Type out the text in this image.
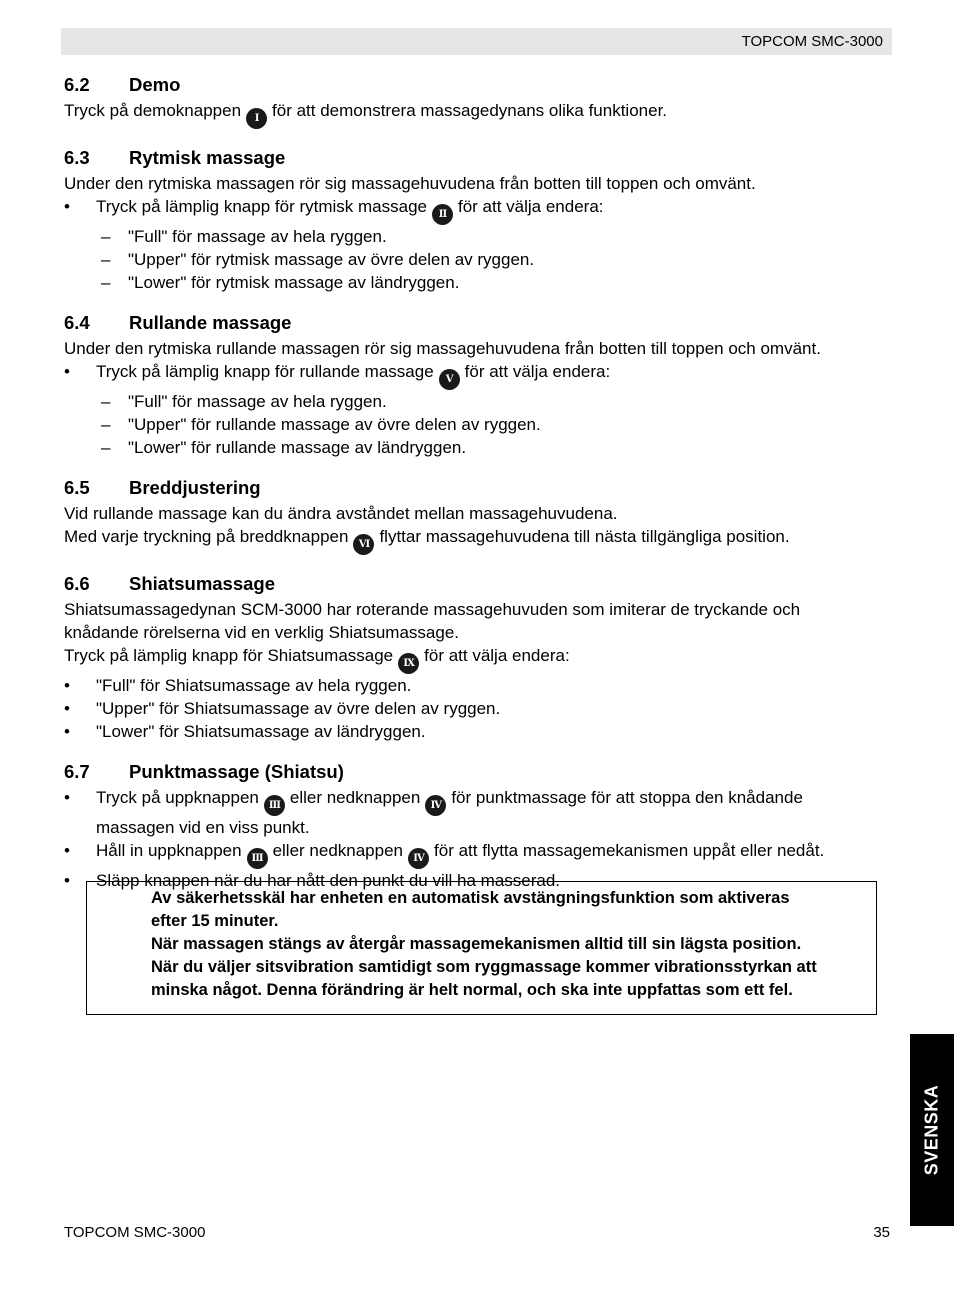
TOPCOM SMC-3000
6.2	Demo
Tryck på demoknappen I för att demonstrera massagedynans olika funktioner.
6.3	Rytmisk massage
Under den rytmiska massagen rör sig massagehuvudena från botten till toppen och omvänt.
• Tryck på lämplig knapp för rytmisk massage II för att välja endera:
– "Full" för massage av hela ryggen.
– "Upper" för rytmisk massage av övre delen av ryggen.
– "Lower" för rytmisk massage av ländryggen.
6.4	Rullande massage
Under den rytmiska rullande massagen rör sig massagehuvudena från botten till toppen och omvänt.
• Tryck på lämplig knapp för rullande massage V för att välja endera:
– "Full" för massage av hela ryggen.
– "Upper" för rullande massage av övre delen av ryggen.
– "Lower" för rullande massage av ländryggen.
6.5	Breddjustering
Vid rullande massage kan du ändra avståndet mellan massagehuvudena.
Med varje tryckning på breddknappen VI flyttar massagehuvudena till nästa tillgängliga position.
6.6	Shiatsumassage
Shiatsumassagedynan SCM-3000 har roterande massagehuvuden som imiterar de tryckande och
knådande rörelserna vid en verklig Shiatsumassage.
Tryck på lämplig knapp för Shiatsumassage IX för att välja endera:
• "Full" för Shiatsumassage av hela ryggen.
• "Upper" för Shiatsumassage av övre delen av ryggen.
• "Lower" för Shiatsumassage av ländryggen.
6.7	Punktmassage (Shiatsu)
• Tryck på uppknappen III eller nedknappen IV för punktmassage för att stoppa den knådande
massagen vid en viss punkt.
• Håll in uppknappen III eller nedknappen IV för att flytta massagemekanismen uppåt eller nedåt.
• Släpp knappen när du har nått den punkt du vill ha masserad.
Av säkerhetsskäl har enheten en automatisk avstängningsfunktion som aktiveras
efter 15 minuter.
När massagen stängs av återgår massagemekanismen alltid till sin lägsta position.
När du väljer sitsvibration samtidigt som ryggmassage kommer vibrationsstyrkan att
minska något. Denna förändring är helt normal, och ska inte uppfattas som ett fel.
SVENSKA
TOPCOM SMC-3000	35
